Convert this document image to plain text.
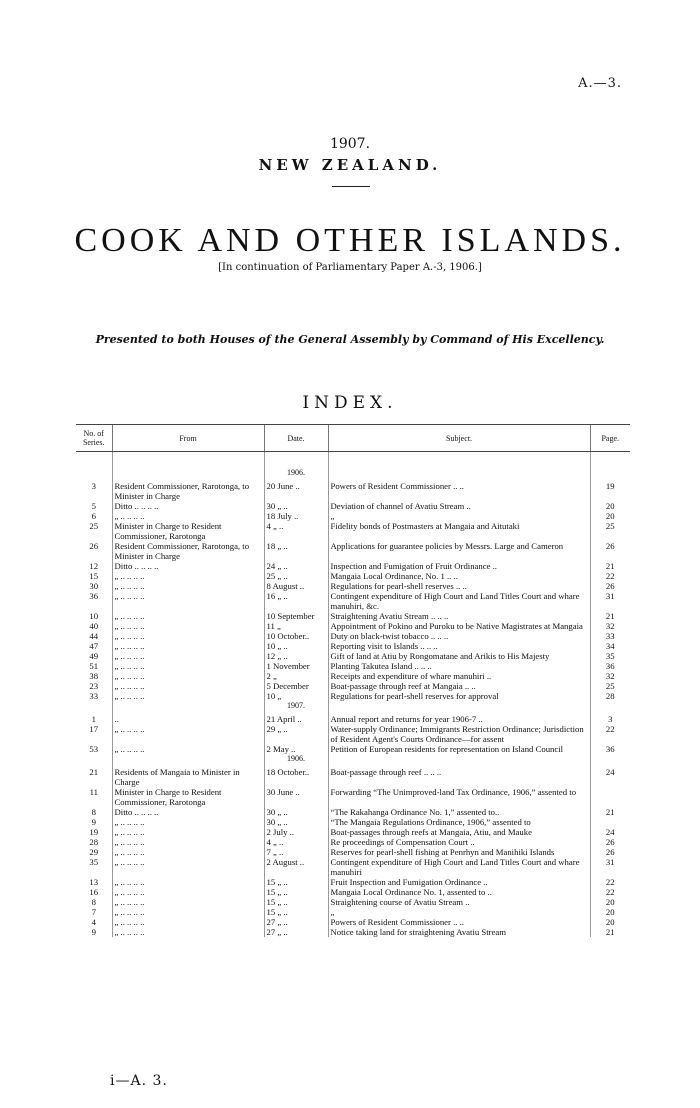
A.—3.
1907.
NEW ZEALAND.
COOK AND OTHER ISLANDS.
[In continuation of Parliamentary Paper A.-3, 1906.]
Presented to both Houses of the General Assembly by Command of His Excellency.
INDEX.
No. of Series.	From	Date.	Subject.	Page.

		1906.		
3	Resident Commissioner, Rarotonga, to Minister in Charge	20 June ..	Powers of Resident Commissioner .. ..	19
5	Ditto .. .. .. ..	30 „ ..	Deviation of channel of Avatiu Stream ..	20
6	„ .. .. .. ..	18 July ..	„	20
25	Minister in Charge to Resident Commissioner, Rarotonga	4 „ ..	Fidelity bonds of Postmasters at Mangaia and Aitutaki	25
26	Resident Commissioner, Rarotonga, to Minister in Charge	18 „ ..	Applications for guarantee policies by Messrs. Large and Cameron	26
12	Ditto .. .. .. ..	24 „ ..	Inspection and Fumigation of Fruit Ordinance ..	21
15	„ .. .. .. ..	25 „ ..	Mangaia Local Ordinance, No. 1 .. ..	22
30	„ .. .. .. ..	8 August ..	Regulations for pearl-shell reserves .. ..	26
36	„ .. .. .. ..	16 „ ..	Contingent expenditure of High Court and Land Titles Court and whare manuhiri, &c.	31
10	„ .. .. .. ..	10 September	Straightening Avatiu Stream .. .. ..	21
40	„ .. .. .. ..	11 „	Appointment of Pokino and Puroku to be Native Magistrates at Mangaia	32
44	„ .. .. .. ..	10 October..	Duty on black-twist tobacco .. .. ..	33
47	„ .. .. .. ..	10 „ ..	Reporting visit to Islands .. .. ..	34
49	„ .. .. .. ..	12 „ ..	Gift of land at Atiu by Rongomatane and Arikis to His Majesty	35
51	„ .. .. .. ..	1 November	Planting Takutea Island .. .. ..	36
38	„ .. .. .. ..	2 „	Receipts and expenditure of whare manuhiri ..	32
23	„ .. .. .. ..	5 December	Boat-passage through reef at Mangaia .. ..	25
33	„ .. .. .. ..	10 „	Regulations for pearl-shell reserves for approval	28
		1907.		
1	..	21 April ..	Annual report and returns for year 1906-7 ..	3
17	„ .. .. .. ..	29 „ ..	Water-supply Ordinance; Immigrants Restriction Ordinance; Jurisdiction of Resident Agent's Courts Ordinance—for assent	22
53	„ .. .. .. ..	2 May ..	Petition of European residents for representation on Island Council	36
		1906.		
21	Residents of Mangaia to Minister in Charge	18 October..	Boat-passage through reef .. .. ..	24
11	Minister in Charge to Resident Commissioner, Rarotonga	30 June ..	Forwarding “The Unimproved-land Tax Ordinance, 1906,” assented to	
8	Ditto .. .. .. ..	30 „ ..	“The Rakahanga Ordinance No. 1,” assented to..	21
9	„ .. .. .. ..	30 „ ..	“The Mangaia Regulations Ordinance, 1906,” assented to	
19	„ .. .. .. ..	2 July ..	Boat-passages through reefs at Mangaia, Atiu, and Mauke	24
28	„ .. .. .. ..	4 „ ..	Re proceedings of Compensation Court ..	26
29	„ .. .. .. ..	7 „ ..	Reserves for pearl-shell fishing at Penrhyn and Manihiki Islands	26
35	„ .. .. .. ..	2 August ..	Contingent expenditure of High Court and Land Titles Court and whare manuhiri	31
13	„ .. .. .. ..	15 „ ..	Fruit Inspection and Fumigation Ordinance ..	22
16	„ .. .. .. ..	15 „ ..	Mangaia Local Ordinance No. 1, assented to ..	22
8	„ .. .. .. ..	15 „ ..	Straightening course of Avatiu Stream ..	20
7	„ .. .. .. ..	15 „ ..	„	20
4	„ .. .. .. ..	27 „ ..	Powers of Resident Commissioner .. ..	20
9	„ .. .. .. ..	27 „ ..	Notice taking land for straightening Avatiu Stream	21
i—A. 3.
